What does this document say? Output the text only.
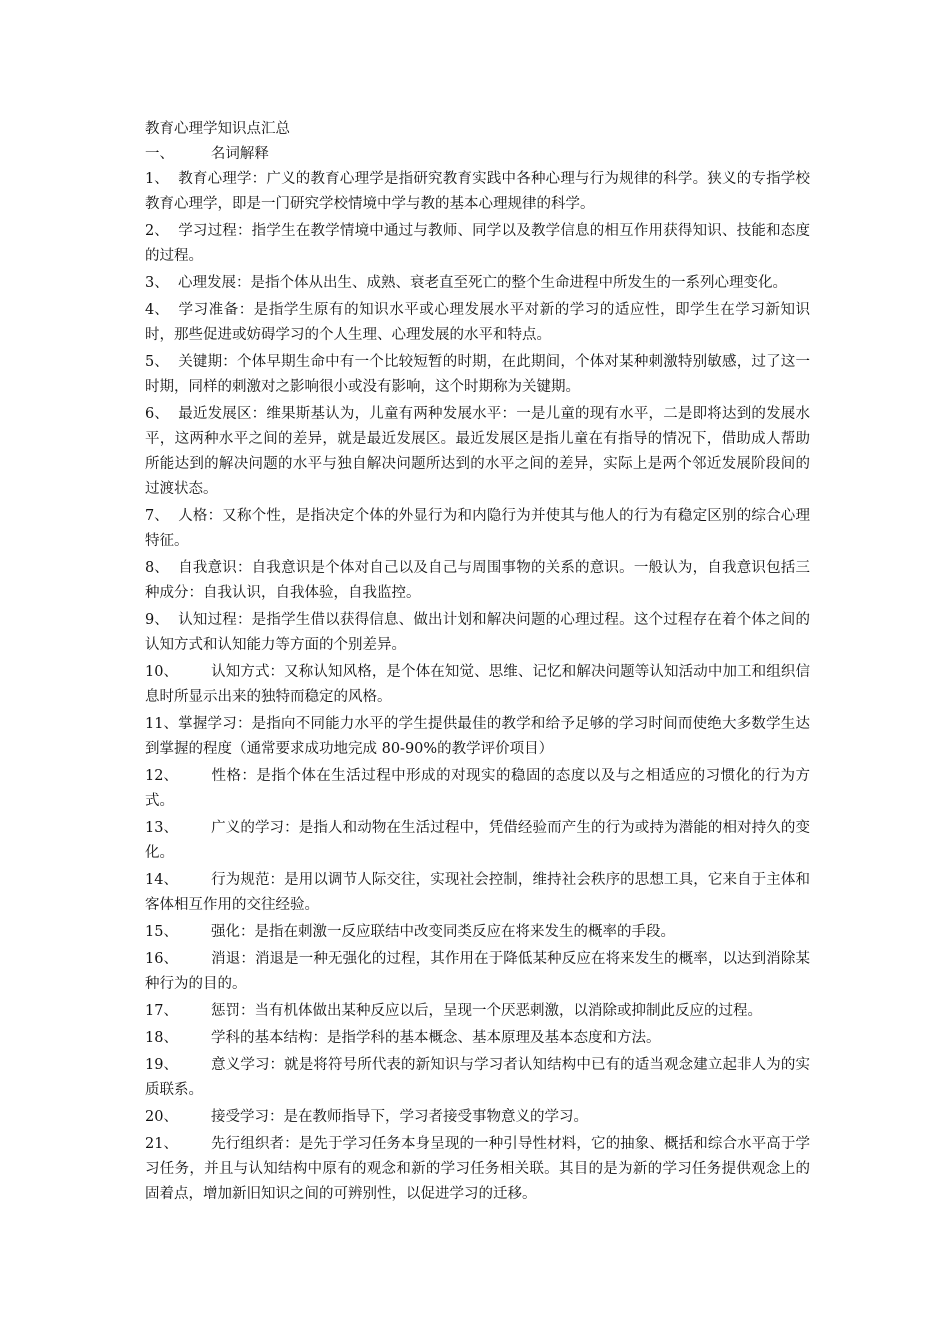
教育心理学知识点汇总

一、	名词解释

1、 教育心理学：广义的教育心理学是指研究教育实践中各种心理与行为规律的科学。狭义的专指学校教育心理学，即是一门研究学校情境中学与教的基本心理规律的科学。

2、 学习过程：指学生在教学情境中通过与教师、同学以及教学信息的相互作用获得知识、技能和态度的过程。

3、 心理发展：是指个体从出生、成熟、衰老直至死亡的整个生命进程中所发生的一系列心理变化。

4、 学习准备：是指学生原有的知识水平或心理发展水平对新的学习的适应性，即学生在学习新知识时，那些促进或妨碍学习的个人生理、心理发展的水平和特点。

5、 关键期：个体早期生命中有一个比较短暂的时期，在此期间，个体对某种刺激特别敏感，过了这一时期，同样的刺激对之影响很小或没有影响，这个时期称为关键期。

6、 最近发展区：维果斯基认为，儿童有两种发展水平：一是儿童的现有水平，二是即将达到的发展水平，这两种水平之间的差异，就是最近发展区。最近发展区是指儿童在有指导的情况下，借助成人帮助所能达到的解决问题的水平与独自解决问题所达到的水平之间的差异，实际上是两个邻近发展阶段间的过渡状态。

7、 人格：又称个性，是指决定个体的外显行为和内隐行为并使其与他人的行为有稳定区别的综合心理特征。

8、 自我意识：自我意识是个体对自己以及自己与周围事物的关系的意识。一般认为，自我意识包括三种成分：自我认识，自我体验，自我监控。

9、 认知过程：是指学生借以获得信息、做出计划和解决问题的心理过程。这个过程存在着个体之间的认知方式和认知能力等方面的个别差异。

10、 认知方式：又称认知风格，是个体在知觉、思维、记忆和解决问题等认知活动中加工和组织信息时所显示出来的独特而稳定的风格。

11、掌握学习：是指向不同能力水平的学生提供最佳的教学和给予足够的学习时间而使绝大多数学生达到掌握的程度（通常要求成功地完成 80-90%的教学评价项目）

12、 性格：是指个体在生活过程中形成的对现实的稳固的态度以及与之相适应的习惯化的行为方式。

13、 广义的学习：是指人和动物在生活过程中，凭借经验而产生的行为或持为潜能的相对持久的变化。

14、 行为规范：是用以调节人际交往，实现社会控制，维持社会秩序的思想工具，它来自于主体和客体相互作用的交往经验。

15、 强化：是指在刺激一反应联结中改变同类反应在将来发生的概率的手段。

16、 消退：消退是一种无强化的过程，其作用在于降低某种反应在将来发生的概率，以达到消除某种行为的目的。

17、 惩罚：当有机体做出某种反应以后，呈现一个厌恶刺激，以消除或抑制此反应的过程。

18、 学科的基本结构：是指学科的基本概念、基本原理及基本态度和方法。

19、 意义学习：就是将符号所代表的新知识与学习者认知结构中已有的适当观念建立起非人为的实质联系。

20、 接受学习：是在教师指导下，学习者接受事物意义的学习。

21、 先行组织者：是先于学习任务本身呈现的一种引导性材料，它的抽象、概括和综合水平高于学习任务，并且与认知结构中原有的观念和新的学习任务相关联。其目的是为新的学习任务提供观念上的固着点，增加新旧知识之间的可辨别性，以促进学习的迁移。
